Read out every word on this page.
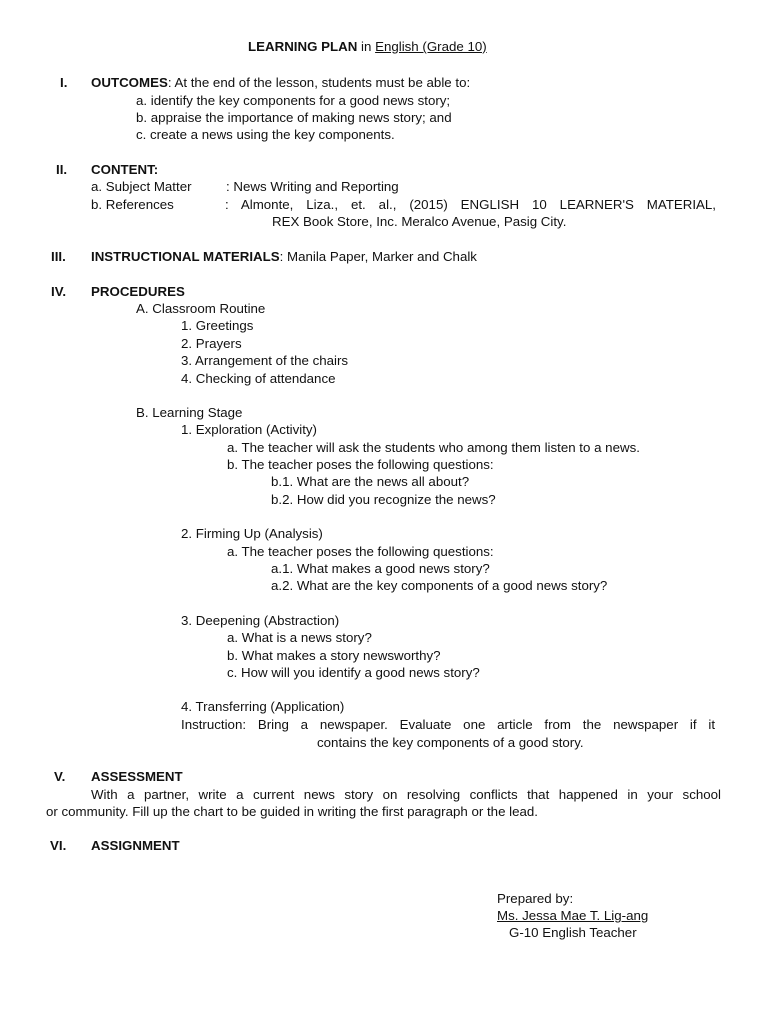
LEARNING PLAN in English (Grade 10)
I. OUTCOMES: At the end of the lesson, students must be able to:
a. identify the key components for a good news story;
b. appraise the importance of making news story; and
c. create a news using the key components.
II. CONTENT:
a. Subject Matter	: News Writing and Reporting
b. References	: Almonte, Liza., et. al., (2015) ENGLISH 10 LEARNER'S MATERIAL,
REX Book Store, Inc. Meralco Avenue, Pasig City.
III. INSTRUCTIONAL MATERIALS: Manila Paper, Marker and Chalk
IV. PROCEDURES
A. Classroom Routine
1. Greetings
2. Prayers
3. Arrangement of the chairs
4. Checking of attendance
B. Learning Stage
1. Exploration (Activity)
a. The teacher will ask the students who among them listen to a news.
b. The teacher poses the following questions:
b.1. What are the news all about?
b.2. How did you recognize the news?
2. Firming Up (Analysis)
a. The teacher poses the following questions:
a.1. What makes a good news story?
a.2. What are the key components of a good news story?
3. Deepening (Abstraction)
a. What is a news story?
b. What makes a story newsworthy?
c. How will you identify a good news story?
4. Transferring (Application)
Instruction: Bring a newspaper. Evaluate one article from the newspaper if it
contains the key components of a good story.
V. ASSESSMENT
With a partner, write a current news story on resolving conflicts that happened in your school
or community. Fill up the chart to be guided in writing the first paragraph or the lead.
VI. ASSIGNMENT
Prepared by:
Ms. Jessa Mae T. Lig-ang
G-10 English Teacher
